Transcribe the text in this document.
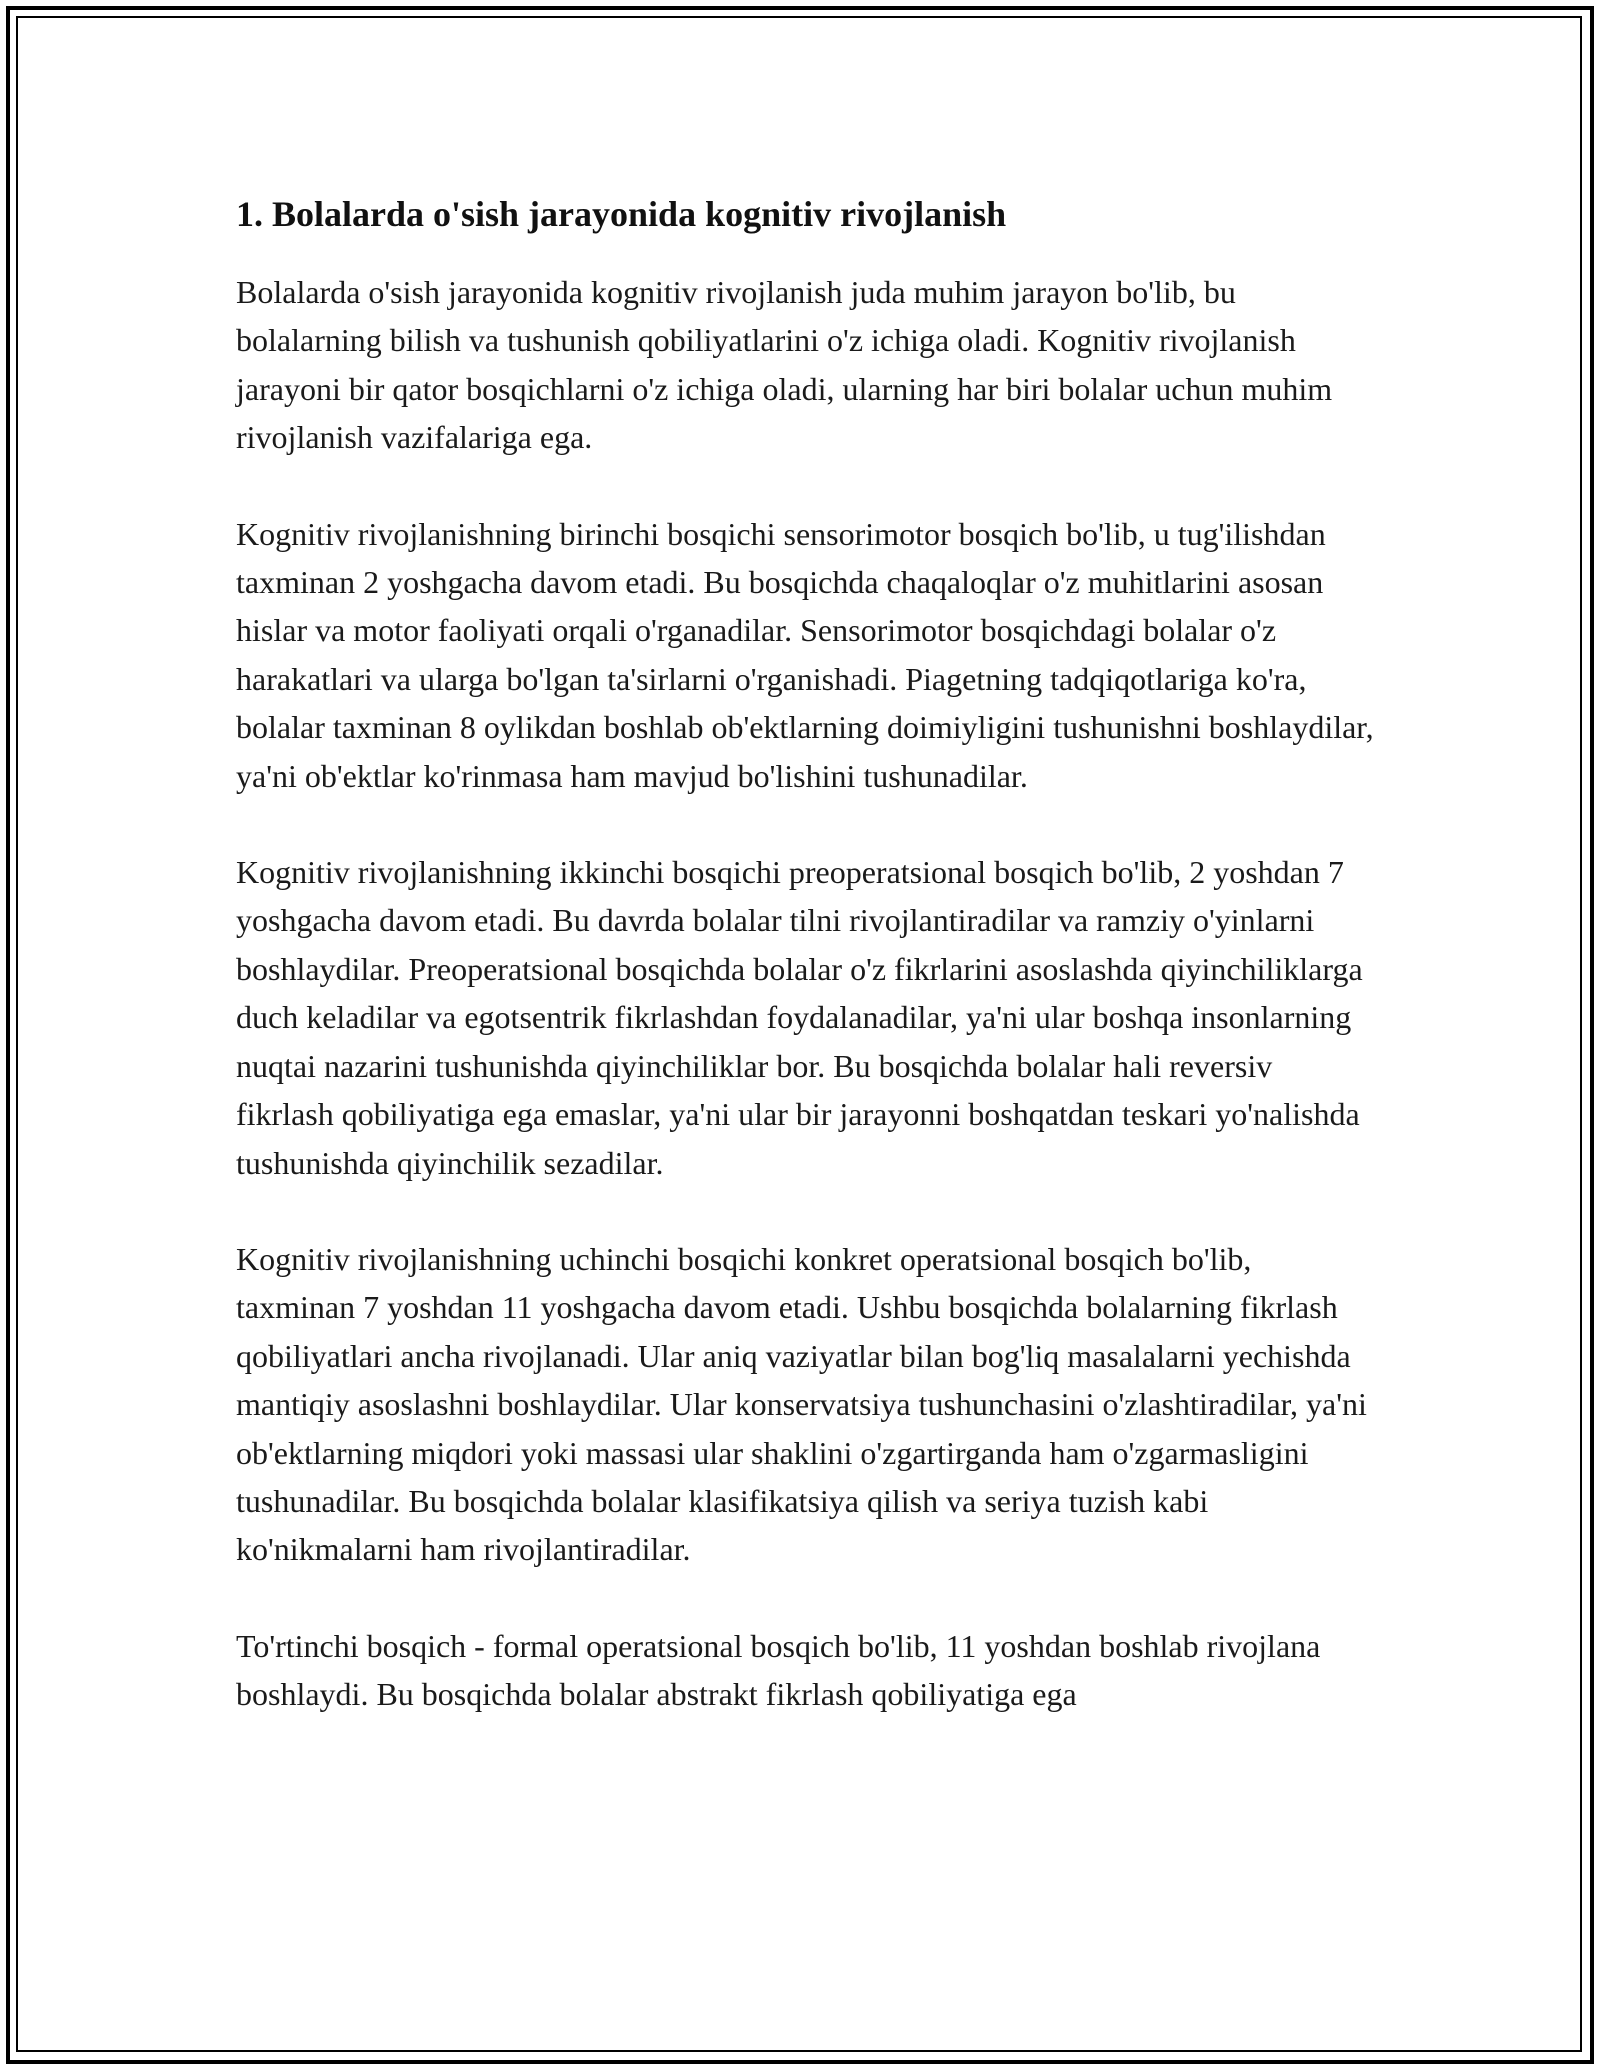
1. Bolalarda o'sish jarayonida kognitiv rivojlanish

Bolalarda o'sish jarayonida kognitiv rivojlanish juda muhim jarayon bo'lib, bu bolalarning bilish va tushunish qobiliyatlarini o'z ichiga oladi. Kognitiv rivojlanish jarayoni bir qator bosqichlarni o'z ichiga oladi, ularning har biri bolalar uchun muhim rivojlanish vazifalariga ega.

Kognitiv rivojlanishning birinchi bosqichi sensorimotor bosqich bo'lib, u tug'ilishdan taxminan 2 yoshgacha davom etadi. Bu bosqichda chaqaloqlar o'z muhitlarini asosan hislar va motor faoliyati orqali o'rganadilar. Sensorimotor bosqichdagi bolalar o'z harakatlari va ularga bo'lgan ta'sirlarni o'rganishadi. Piagetning tadqiqotlariga ko'ra, bolalar taxminan 8 oylikdan boshlab ob'ektlarning doimiyligini tushunishni boshlaydilar, ya'ni ob'ektlar ko'rinmasa ham mavjud bo'lishini tushunadilar.

Kognitiv rivojlanishning ikkinchi bosqichi preoperatsional bosqich bo'lib, 2 yoshdan 7 yoshgacha davom etadi. Bu davrda bolalar tilni rivojlantiradilar va ramziy o'yinlarni boshlaydilar. Preoperatsional bosqichda bolalar o'z fikrlarini asoslashda qiyinchiliklarga duch keladilar va egotsentrik fikrlashdan foydalanadilar, ya'ni ular boshqa insonlarning nuqtai nazarini tushunishda qiyinchiliklar bor. Bu bosqichda bolalar hali reversiv fikrlash qobiliyatiga ega emaslar, ya'ni ular bir jarayonni boshqatdan teskari yo'nalishda tushunishda qiyinchilik sezadilar.

Kognitiv rivojlanishning uchinchi bosqichi konkret operatsional bosqich bo'lib, taxminan 7 yoshdan 11 yoshgacha davom etadi. Ushbu bosqichda bolalarning fikrlash qobiliyatlari ancha rivojlanadi. Ular aniq vaziyatlar bilan bog'liq masalalarni yechishda mantiqiy asoslashni boshlaydilar. Ular konservatsiya tushunchasini o'zlashtiradilar, ya'ni ob'ektlarning miqdori yoki massasi ular shaklini o'zgartirganda ham o'zgarmasligini tushunadilar. Bu bosqichda bolalar klasifikatsiya qilish va seriya tuzish kabi ko'nikmalarni ham rivojlantiradilar.

To'rtinchi bosqich - formal operatsional bosqich bo'lib, 11 yoshdan boshlab rivojlana boshlaydi. Bu bosqichda bolalar abstrakt fikrlash qobiliyatiga ega
